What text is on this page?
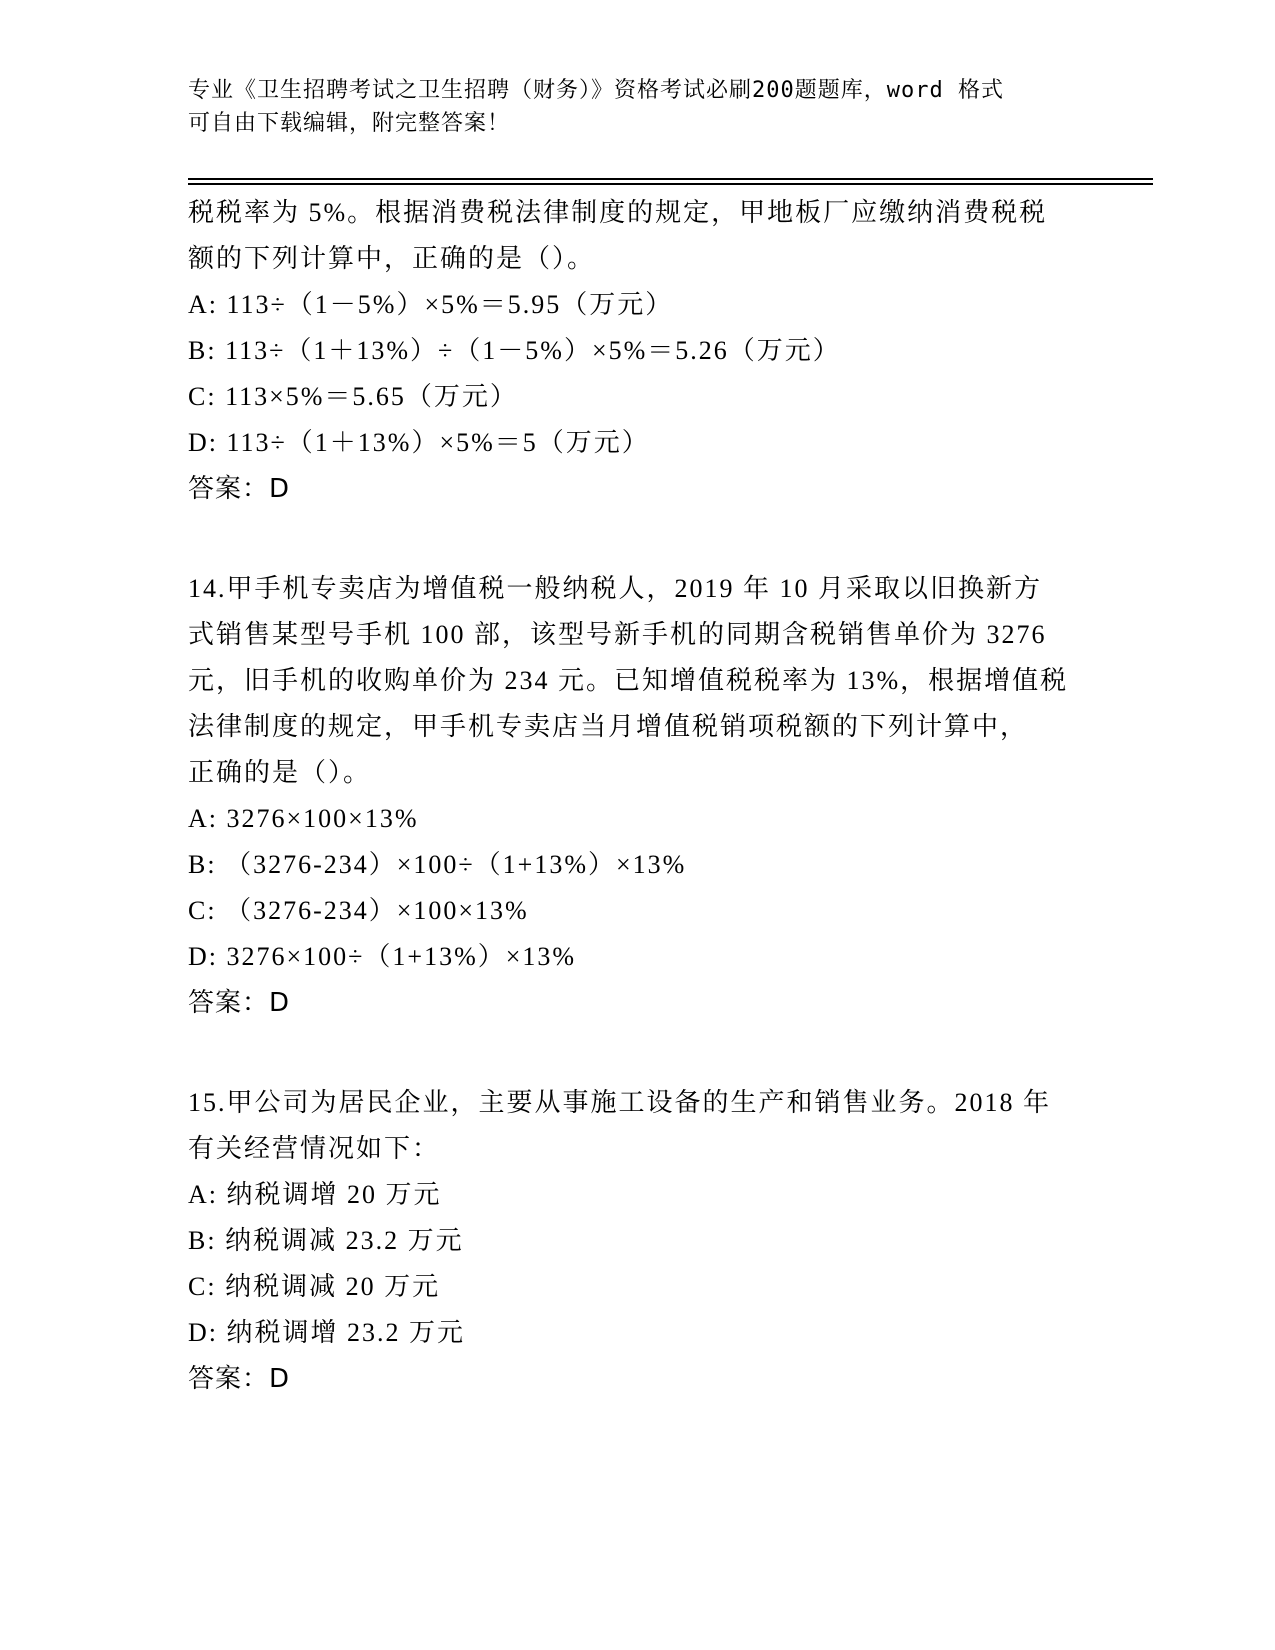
专业《卫生招聘考试之卫生招聘（财务）》资格考试必刷200题题库，word 格式
可自由下载编辑，附完整答案！
税税率为 5%。根据消费税法律制度的规定，甲地板厂应缴纳消费税税
额的下列计算中，正确的是（）。
A: 113÷（1－5%）×5%＝5.95（万元）
B: 113÷（1＋13%）÷（1－5%）×5%＝5.26（万元）
C: 113×5%＝5.65（万元）
D: 113÷（1＋13%）×5%＝5（万元）
答案：D
14.甲手机专卖店为增值税一般纳税人，2019 年 10 月采取以旧换新方
式销售某型号手机 100 部，该型号新手机的同期含税销售单价为 3276
元，旧手机的收购单价为 234 元。已知增值税税率为 13%，根据增值税
法律制度的规定，甲手机专卖店当月增值税销项税额的下列计算中，
正确的是（）。
A: 3276×100×13%
B: （3276-234）×100÷（1+13%）×13%
C: （3276-234）×100×13%
D: 3276×100÷（1+13%）×13%
答案：D
15.甲公司为居民企业，主要从事施工设备的生产和销售业务。2018 年
有关经营情况如下：
A: 纳税调增 20 万元
B: 纳税调减 23.2 万元
C: 纳税调减 20 万元
D: 纳税调增 23.2 万元
答案：D
